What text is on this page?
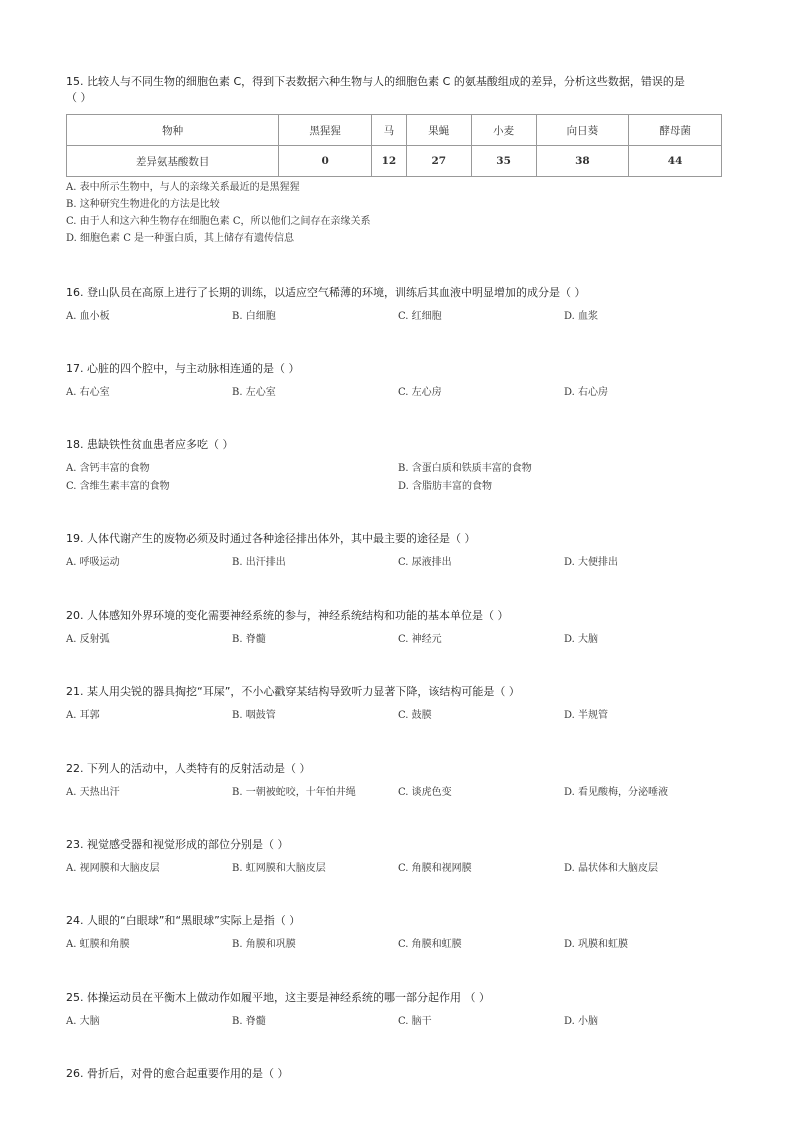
15. 比较人与不同生物的细胞色素 C，得到下表数据六种生物与人的细胞色素 C 的氨基酸组成的差异，分析这些数据，错误的是
（ ）
物种	黑猩猩	马	果蝇	小麦	向日葵	酵母菌
差异氨基酸数目	0	12	27	35	38	44
A. 表中所示生物中，与人的亲缘关系最近的是黑猩猩
B. 这种研究生物进化的方法是比较
C. 由于人和这六种生物存在细胞色素 C，所以他们之间存在亲缘关系
D. 细胞色素 C 是一种蛋白质，其上储存有遗传信息
16. 登山队员在高原上进行了长期的训练，以适应空气稀薄的环境，训练后其血液中明显增加的成分是（ ）
A. 血小板	B. 白细胞	C. 红细胞	D. 血浆
17. 心脏的四个腔中，与主动脉相连通的是（ ）
A. 右心室	B. 左心室	C. 左心房	D. 右心房
18. 患缺铁性贫血患者应多吃（ ）
A. 含钙丰富的食物	B. 含蛋白质和铁质丰富的食物
C. 含维生素丰富的食物	D. 含脂肪丰富的食物
19. 人体代谢产生的废物必须及时通过各种途径排出体外，其中最主要的途径是（ ）
A. 呼吸运动	B. 出汗排出	C. 尿液排出	D. 大便排出
20. 人体感知外界环境的变化需要神经系统的参与，神经系统结构和功能的基本单位是（ ）
A. 反射弧	B. 脊髓	C. 神经元	D. 大脑
21. 某人用尖锐的器具掏挖“耳屎”，不小心戳穿某结构导致听力显著下降，该结构可能是（ ）
A. 耳郭	B. 咽鼓管	C. 鼓膜	D. 半规管
22. 下列人的活动中，人类特有的反射活动是（ ）
A. 天热出汗	B. 一朝被蛇咬，十年怕井绳	C. 谈虎色变	D. 看见酸梅，分泌唾液
23. 视觉感受器和视觉形成的部位分别是（ ）
A. 视网膜和大脑皮层	B. 虹网膜和大脑皮层	C. 角膜和视网膜	D. 晶状体和大脑皮层
24. 人眼的“白眼球”和“黑眼球”实际上是指（ ）
A. 虹膜和角膜	B. 角膜和巩膜	C. 角膜和虹膜	D. 巩膜和虹膜
25. 体操运动员在平衡木上做动作如履平地，这主要是神经系统的哪一部分起作用 （ ）
A. 大脑	B. 脊髓	C. 脑干	D. 小脑
26. 骨折后，对骨的愈合起重要作用的是（ ）
